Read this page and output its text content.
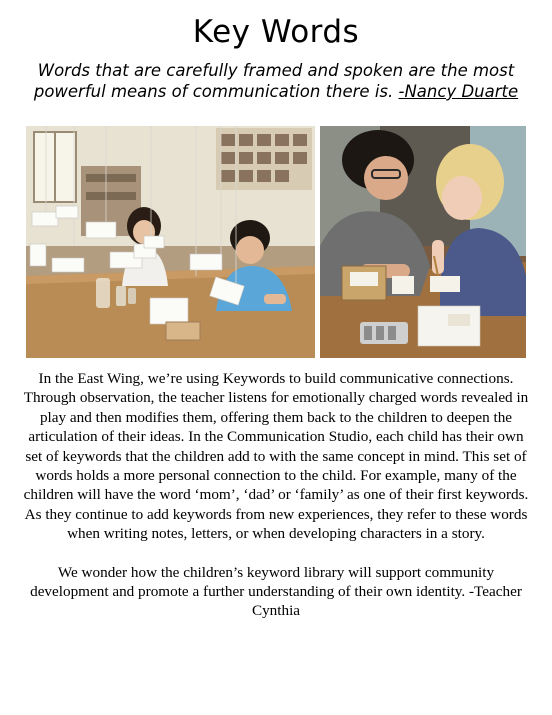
Key Words
Words that are carefully framed and spoken are the most powerful means of communication there is. -Nancy Duarte

In the East Wing, we’re using Keywords to build communicative connections. Through observation, the teacher listens for emotionally charged words revealed in play and then modifies them, offering them back to the children to deepen the articulation of their ideas. In the Communication Studio, each child has their own set of keywords that the children add to with the same concept in mind. This set of words holds a more personal connection to the child. For example, many of the children will have the word ‘mom’, ‘dad’ or ‘family’ as one of their first keywords. As they continue to add keywords from new experiences, they refer to these words when writing notes, letters, or when developing characters in a story.

We wonder how the children’s keyword library will support community development and promote a further understanding of their own identity. -Teacher Cynthia
